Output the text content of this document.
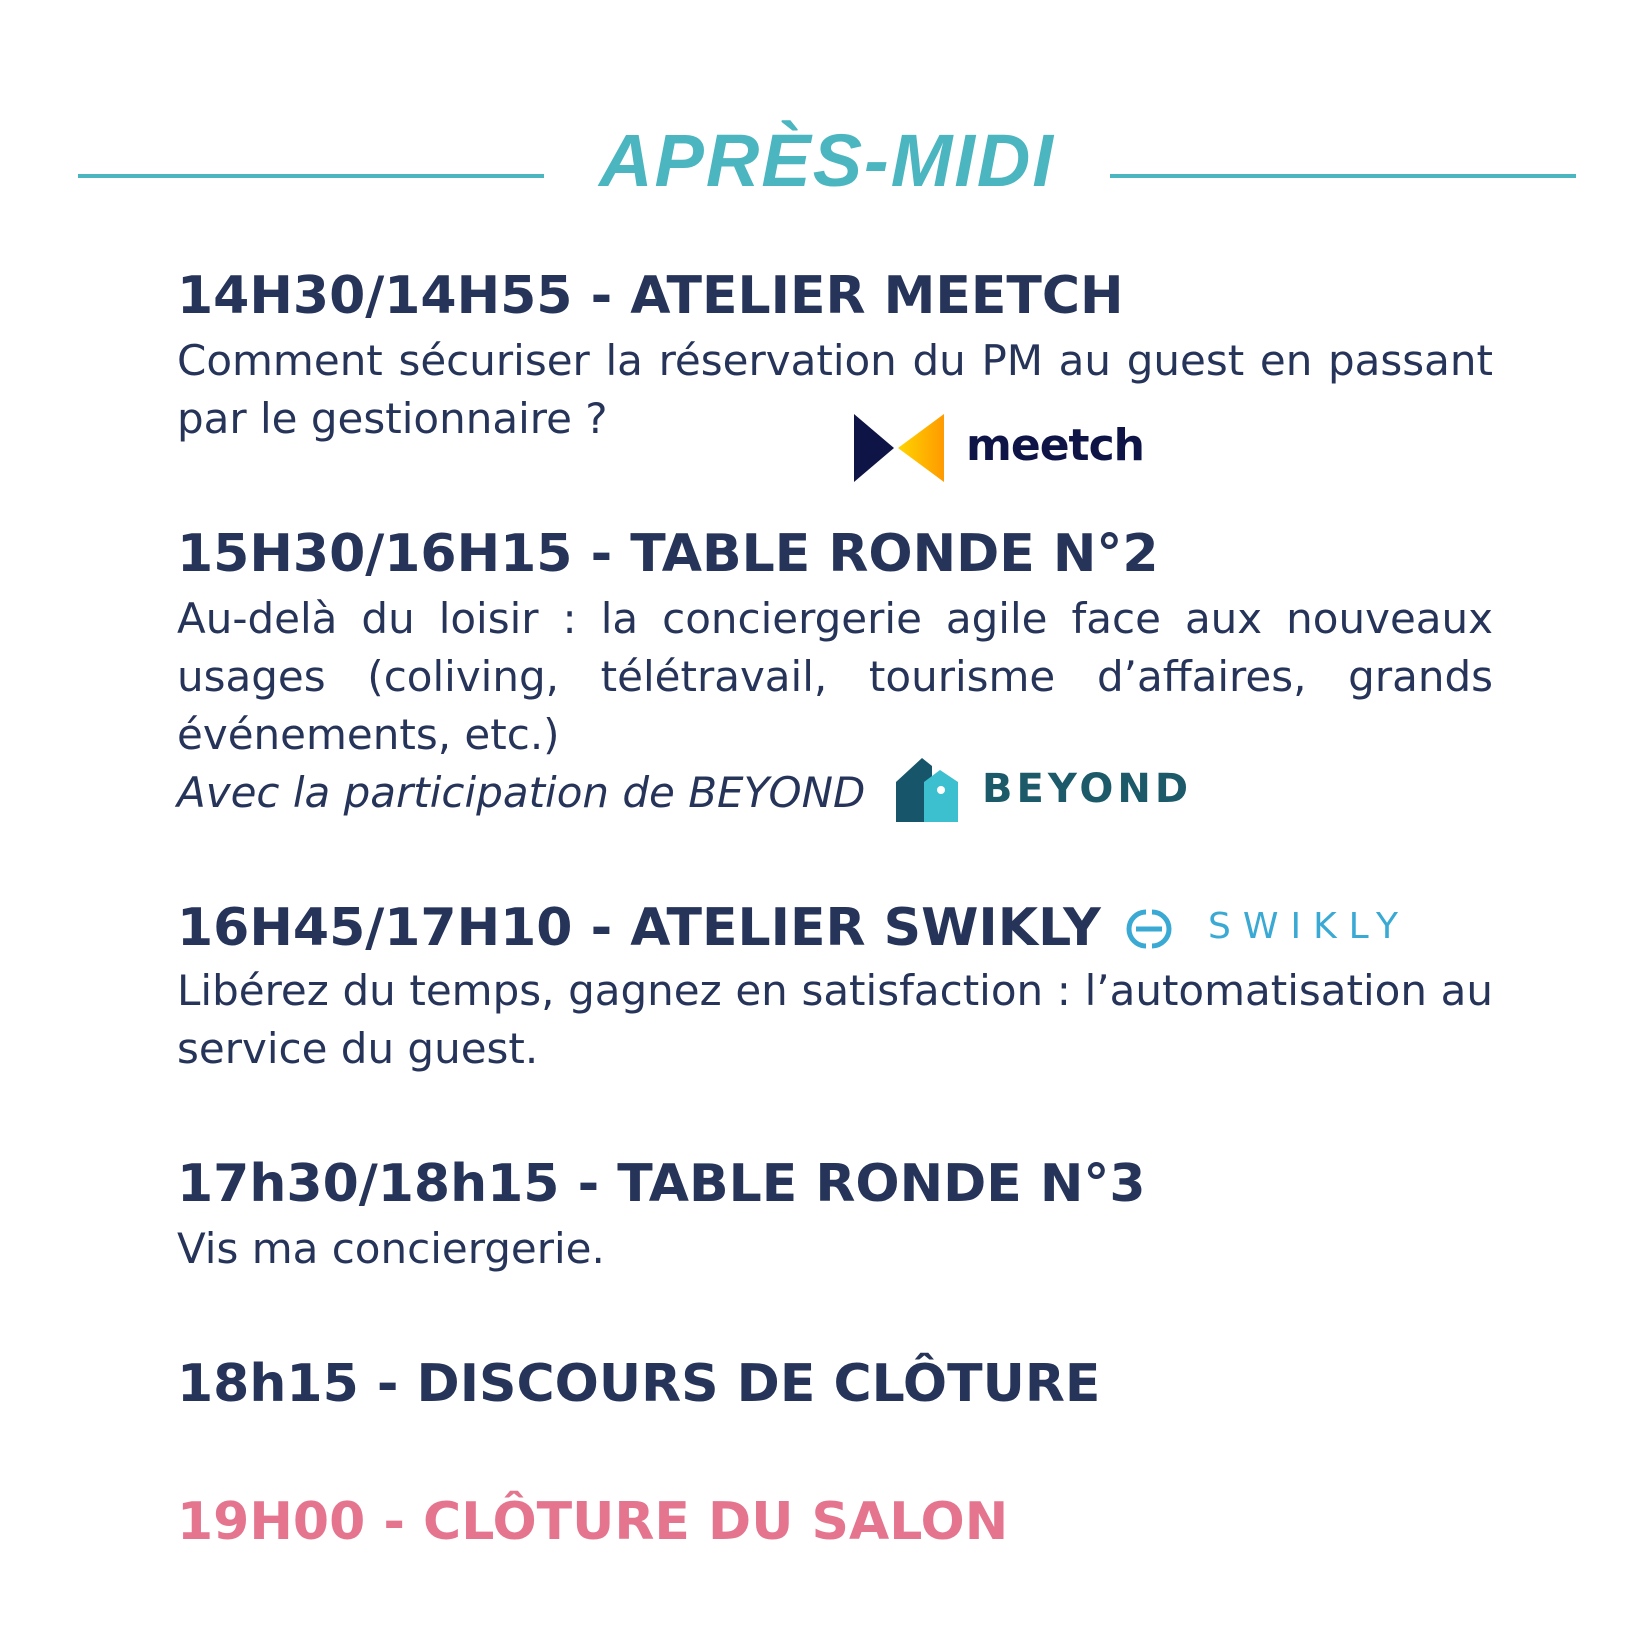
APRÈS-MIDI
14H30/14H55 - ATELIER MEETCH
Comment sécuriser la réservation du PM au guest en passant par le gestionnaire ?
meetch
15H30/16H15 - TABLE RONDE N°2
Au-delà du loisir : la conciergerie agile face aux nouveaux usages (coliving, télétravail, tourisme d’affaires, grands événements, etc.)
Avec la participation de BEYOND	BEYOND
16H45/17H10 - ATELIER SWIKLY	SWIKLY
Libérez du temps, gagnez en satisfaction : l’automatisation au service du guest.
17h30/18h15 - TABLE RONDE N°3
Vis ma conciergerie.
18h15 - DISCOURS DE CLÔTURE
19H00 - CLÔTURE DU SALON
